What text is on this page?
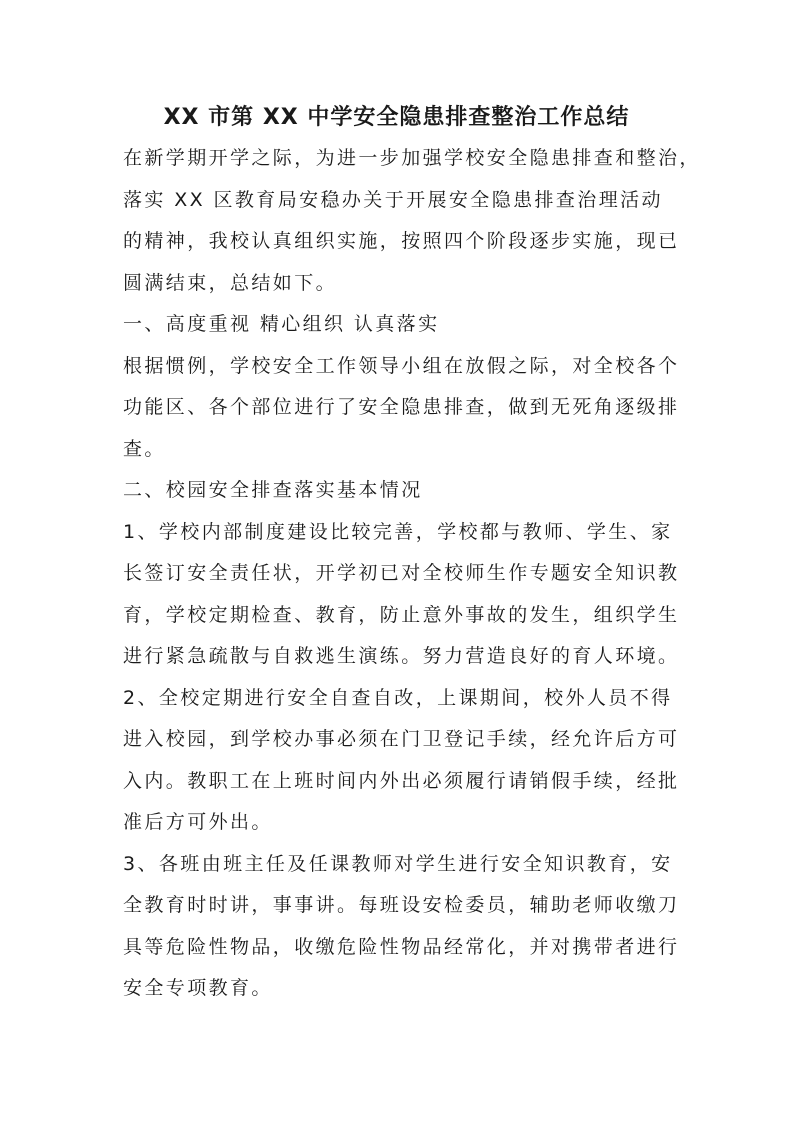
XX 市第 XX 中学安全隐患排查整治工作总结
在新学期开学之际，为进一步加强学校安全隐患排查和整治，
落实 XX 区教育局安稳办关于开展安全隐患排查治理活动
的精神，我校认真组织实施，按照四个阶段逐步实施，现已
圆满结束，总结如下。
一、高度重视 精心组织 认真落实
根据惯例，学校安全工作领导小组在放假之际，对全校各个
功能区、各个部位进行了安全隐患排查，做到无死角逐级排
查。
二、校园安全排查落实基本情况
1、学校内部制度建设比较完善，学校都与教师、学生、家
长签订安全责任状，开学初已对全校师生作专题安全知识教
育，学校定期检查、教育，防止意外事故的发生，组织学生
进行紧急疏散与自救逃生演练。努力营造良好的育人环境。
2、全校定期进行安全自查自改，上课期间，校外人员不得
进入校园，到学校办事必须在门卫登记手续，经允许后方可
入内。教职工在上班时间内外出必须履行请销假手续，经批
准后方可外出。
3、各班由班主任及任课教师对学生进行安全知识教育，安
全教育时时讲，事事讲。每班设安检委员，辅助老师收缴刀
具等危险性物品，收缴危险性物品经常化，并对携带者进行
安全专项教育。
